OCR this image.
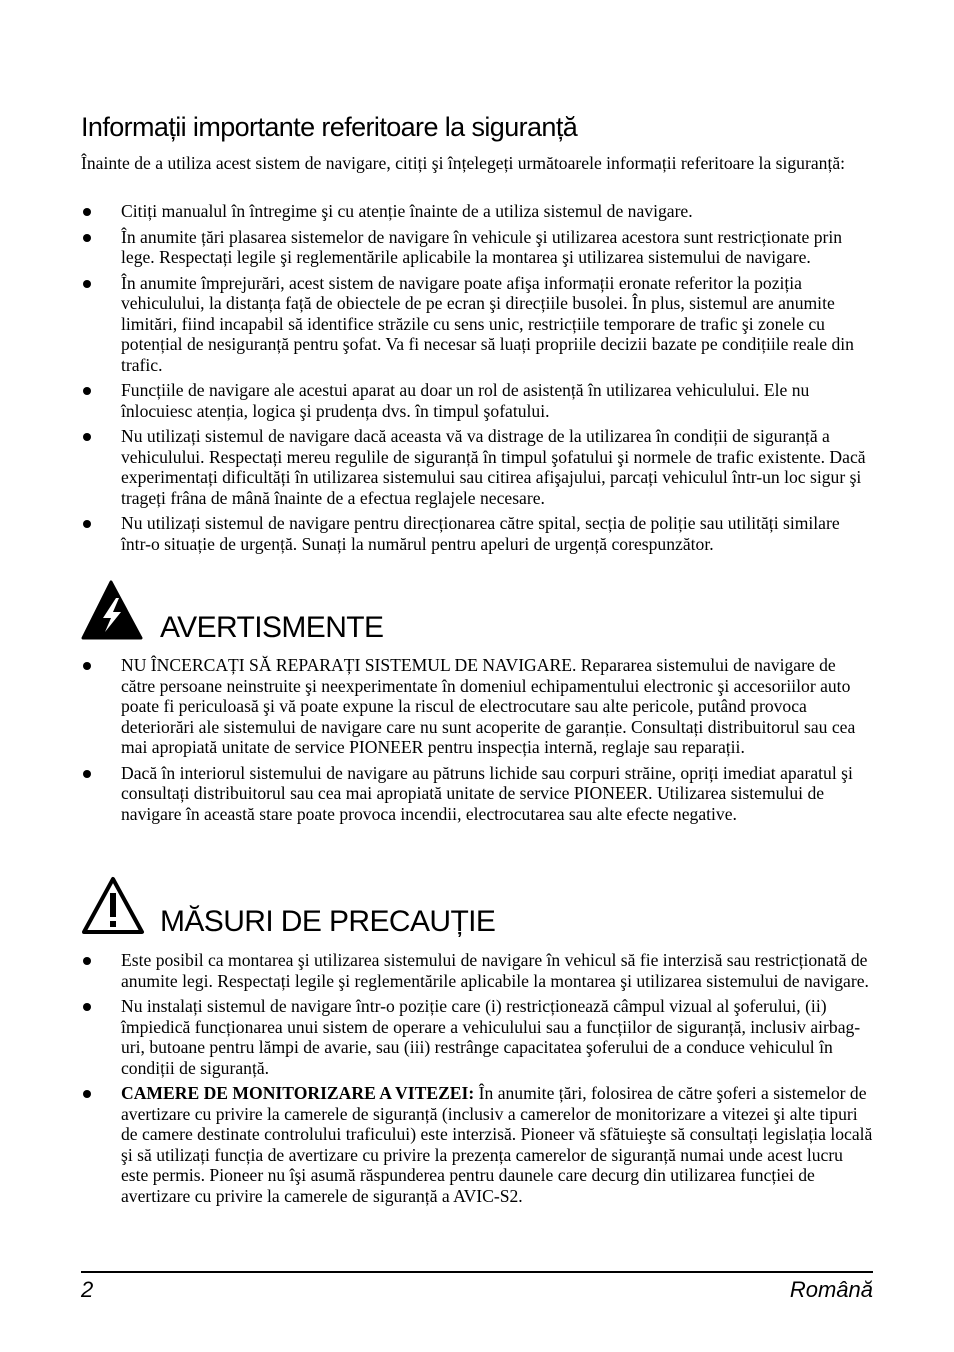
Informații importante referitoare la siguranță
Înainte de a utiliza acest sistem de navigare, citiți şi înțelegeți următoarele informații referitoare la siguranță:
Citiți manualul în întregime şi cu atenție înainte de a utiliza sistemul de navigare.
În anumite țări plasarea sistemelor de navigare în vehicule şi utilizarea acestora sunt restricționate prin lege. Respectați legile şi reglementările aplicabile la montarea şi utilizarea sistemului de navigare.
În anumite împrejurări, acest sistem de navigare poate afişa informații eronate referitor la poziția vehiculului, la distanța față de obiectele de pe ecran şi direcțiile busolei. În plus, sistemul are anumite limitări, fiind incapabil să identifice străzile cu sens unic, restricțiile temporare de trafic şi zonele cu potențial de nesiguranță pentru şofat. Va fi necesar să luați propriile decizii bazate pe condițiile reale din trafic.
Funcțiile de navigare ale acestui aparat au doar un rol de asistență în utilizarea vehiculului. Ele nu înlocuiesc atenția, logica şi prudența dvs. în timpul şofatului.
Nu utilizați sistemul de navigare dacă aceasta vă va distrage de la utilizarea în condiții de siguranță a vehiculului. Respectați mereu regulile de siguranță în timpul şofatului şi normele de trafic existente. Dacă experimentați dificultăți în utilizarea sistemului sau citirea afişajului, parcați vehiculul într-un loc sigur şi trageți frâna de mână înainte de a efectua reglajele necesare.
Nu utilizați sistemul de navigare pentru direcționarea către spital, secția de poliție sau utilități similare într-o situație de urgență. Sunați la numărul pentru apeluri de urgență corespunzător.
AVERTISMENTE
NU ÎNCERCAȚI SĂ REPARAȚI SISTEMUL DE NAVIGARE. Repararea sistemului de navigare de către persoane neinstruite şi neexperimentate în domeniul echipamentului electronic şi accesoriilor auto poate fi periculoasă şi vă poate expune la riscul de electrocutare sau alte pericole, putând provoca deteriorări ale sistemului de navigare care nu sunt acoperite de garanție. Consultați distribuitorul sau cea mai apropiată unitate de service PIONEER pentru inspecția internă, reglaje sau reparații.
Dacă în interiorul sistemului de navigare au pătruns lichide sau corpuri străine, opriți imediat aparatul şi consultați distribuitorul sau cea mai apropiată unitate de service PIONEER. Utilizarea sistemului de navigare în această stare poate provoca incendii, electrocutarea sau alte efecte negative.
MĂSURI DE PRECAUȚIE
Este posibil ca montarea şi utilizarea sistemului de navigare în vehicul să fie interzisă sau restricționată de anumite legi. Respectați legile şi reglementările aplicabile la montarea şi utilizarea sistemului de navigare.
Nu instalați sistemul de navigare într-o poziție care (i) restricționează câmpul vizual al şoferului, (ii) împiedică funcționarea unui sistem de operare a vehiculului sau a funcțiilor de siguranță, inclusiv airbag-uri, butoane pentru lămpi de avarie, sau (iii) restrânge capacitatea şoferului de a conduce vehiculul în condiții de siguranță.
CAMERE DE MONITORIZARE A VITEZEI: În anumite țări, folosirea de către şoferi a sistemelor de avertizare cu privire la camerele de siguranță (inclusiv a camerelor de monitorizare a vitezei şi alte tipuri de camere destinate controlului traficului) este interzisă. Pioneer vă sfătuieşte să consultați legislația locală şi să utilizați funcția de avertizare cu privire la prezența camerelor de siguranță numai unde acest lucru este permis. Pioneer nu îşi asumă răspunderea pentru daunele care decurg din utilizarea funcției de avertizare cu privire la camerele de siguranță a AVIC-S2.
2	Română
